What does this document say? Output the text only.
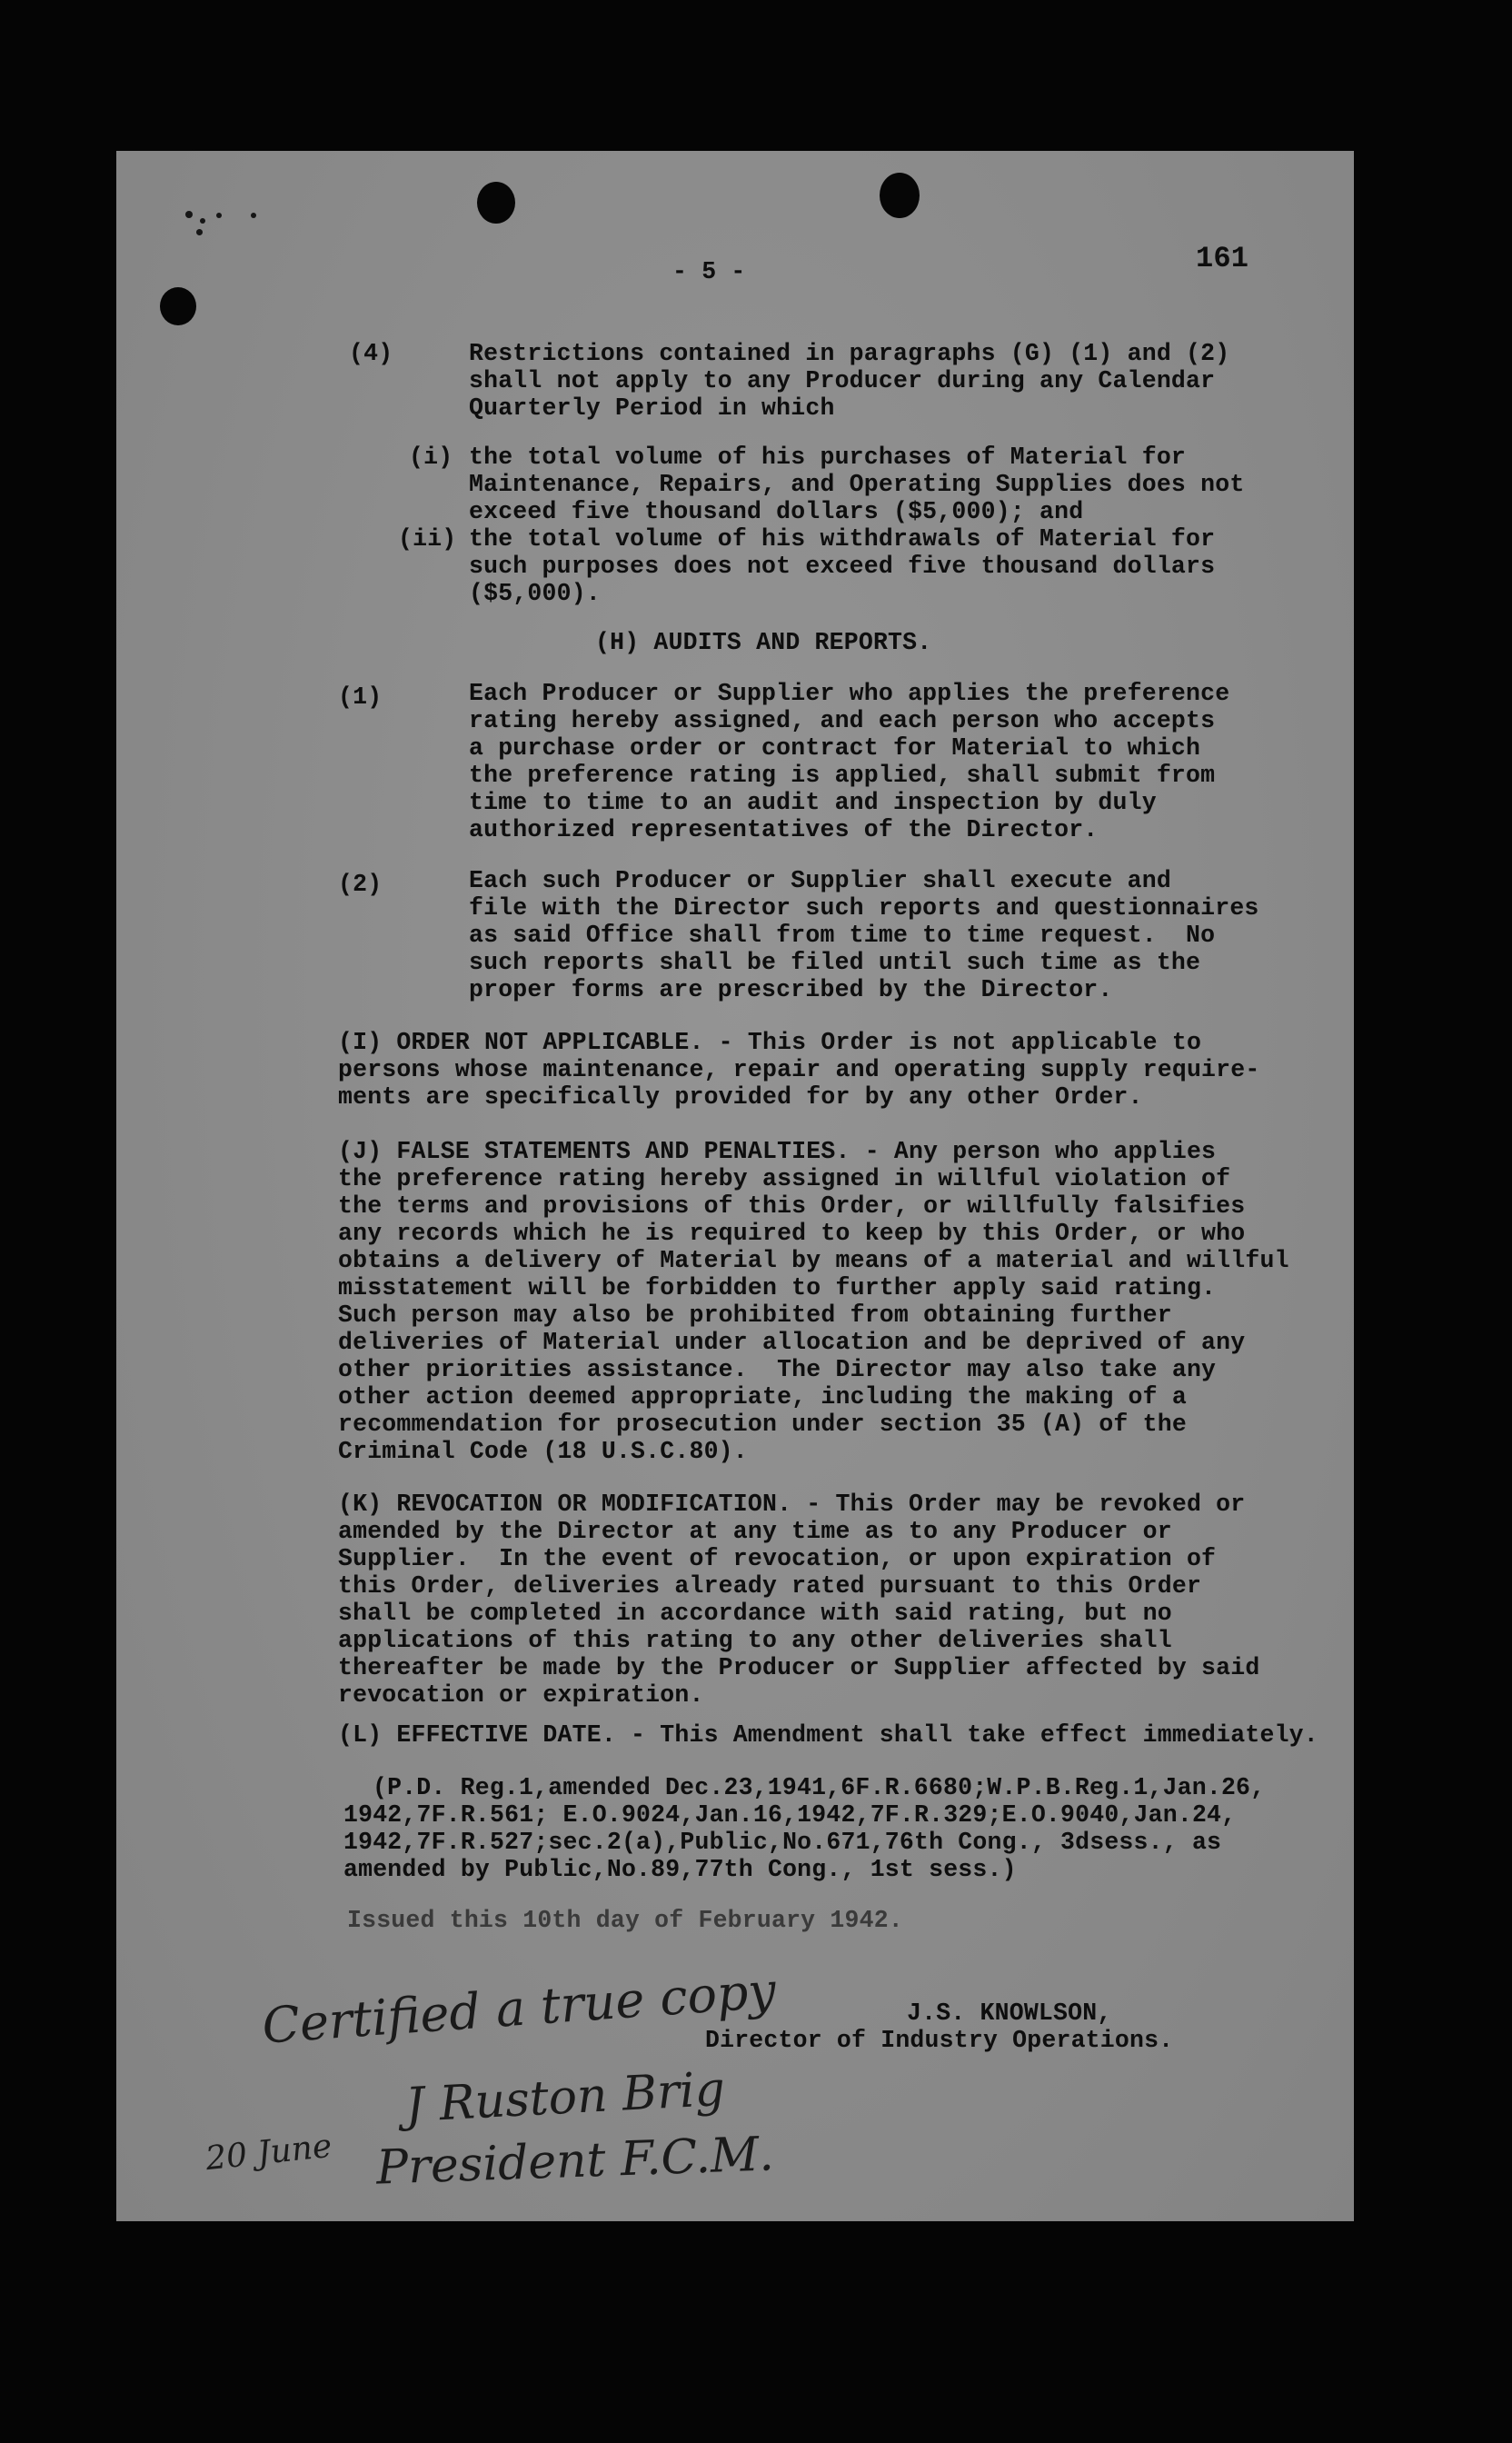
- 5 -	161
(4)	Restrictions contained in paragraphs (G) (1) and (2)
shall not apply to any Producer during any Calendar
Quarterly Period in which
(i) the total volume of his purchases of Material for
Maintenance, Repairs, and Operating Supplies does not
exceed five thousand dollars ($5,000); and
(ii) the total volume of his withdrawals of Material for
such purposes does not exceed five thousand dollars
($5,000).
(H) AUDITS AND REPORTS.
(1)	Each Producer or Supplier who applies the preference
rating hereby assigned, and each person who accepts
a purchase order or contract for Material to which
the preference rating is applied, shall submit from
time to time to an audit and inspection by duly
authorized representatives of the Director.
(2)	Each such Producer or Supplier shall execute and
file with the Director such reports and questionnaires
as said Office shall from time to time request.  No
such reports shall be filed until such time as the
proper forms are prescribed by the Director.
(I) ORDER NOT APPLICABLE. - This Order is not applicable to
persons whose maintenance, repair and operating supply require-
ments are specifically provided for by any other Order.
(J) FALSE STATEMENTS AND PENALTIES. - Any person who applies
the preference rating hereby assigned in willful violation of
the terms and provisions of this Order, or willfully falsifies
any records which he is required to keep by this Order, or who
obtains a delivery of Material by means of a material and willful
misstatement will be forbidden to further apply said rating.
Such person may also be prohibited from obtaining further
deliveries of Material under allocation and be deprived of any
other priorities assistance.  The Director may also take any
other action deemed appropriate, including the making of a
recommendation for prosecution under section 35 (A) of the
Criminal Code (18 U.S.C.80).
(K) REVOCATION OR MODIFICATION. - This Order may be revoked or
amended by the Director at any time as to any Producer or
Supplier.  In the event of revocation, or upon expiration of
this Order, deliveries already rated pursuant to this Order
shall be completed in accordance with said rating, but no
applications of this rating to any other deliveries shall
thereafter be made by the Producer or Supplier affected by said
revocation or expiration.
(L) EFFECTIVE DATE. - This Amendment shall take effect immediately.
(P.D. Reg.1,amended Dec.23,1941,6F.R.6680;W.P.B.Reg.1,Jan.26,
1942,7F.R.561; E.O.9024,Jan.16,1942,7F.R.329;E.O.9040,Jan.24,
1942,7F.R.527;sec.2(a),Public,No.671,76th Cong., 3dsess., as
amended by Public,No.89,77th Cong., 1st sess.)
Issued this 10th day of February 1942.
J.S. KNOWLSON,
Director of Industry Operations.
Certified a true copy
J Ruston Brig
20 June President F.C.M.
